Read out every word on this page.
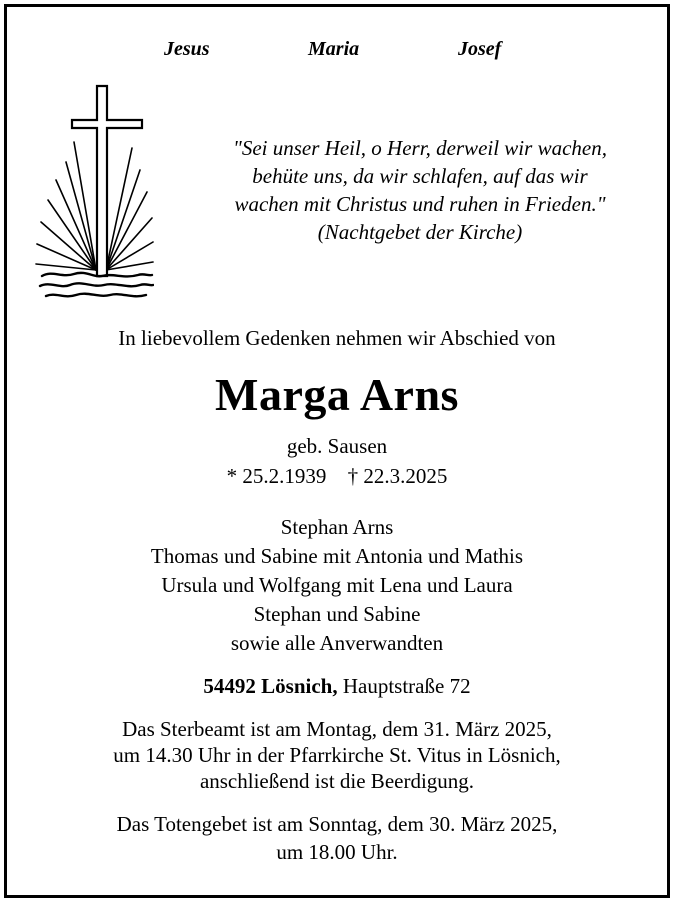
Jesus	Maria	Josef
"Sei unser Heil, o Herr, derweil wir wachen,
behüte uns, da wir schlafen, auf das wir
wachen mit Christus und ruhen in Frieden."
(Nachtgebet der Kirche)
In liebevollem Gedenken nehmen wir Abschied von
Marga Arns
geb. Sausen
* 25.2.1939 † 22.3.2025
Stephan Arns
Thomas und Sabine mit Antonia und Mathis
Ursula und Wolfgang mit Lena und Laura
Stephan und Sabine
sowie alle Anverwandten
54492 Lösnich, Hauptstraße 72
Das Sterbeamt ist am Montag, dem 31. März 2025,
um 14.30 Uhr in der Pfarrkirche St. Vitus in Lösnich,
anschließend ist die Beerdigung.
Das Totengebet ist am Sonntag, dem 30. März 2025,
um 18.00 Uhr.
